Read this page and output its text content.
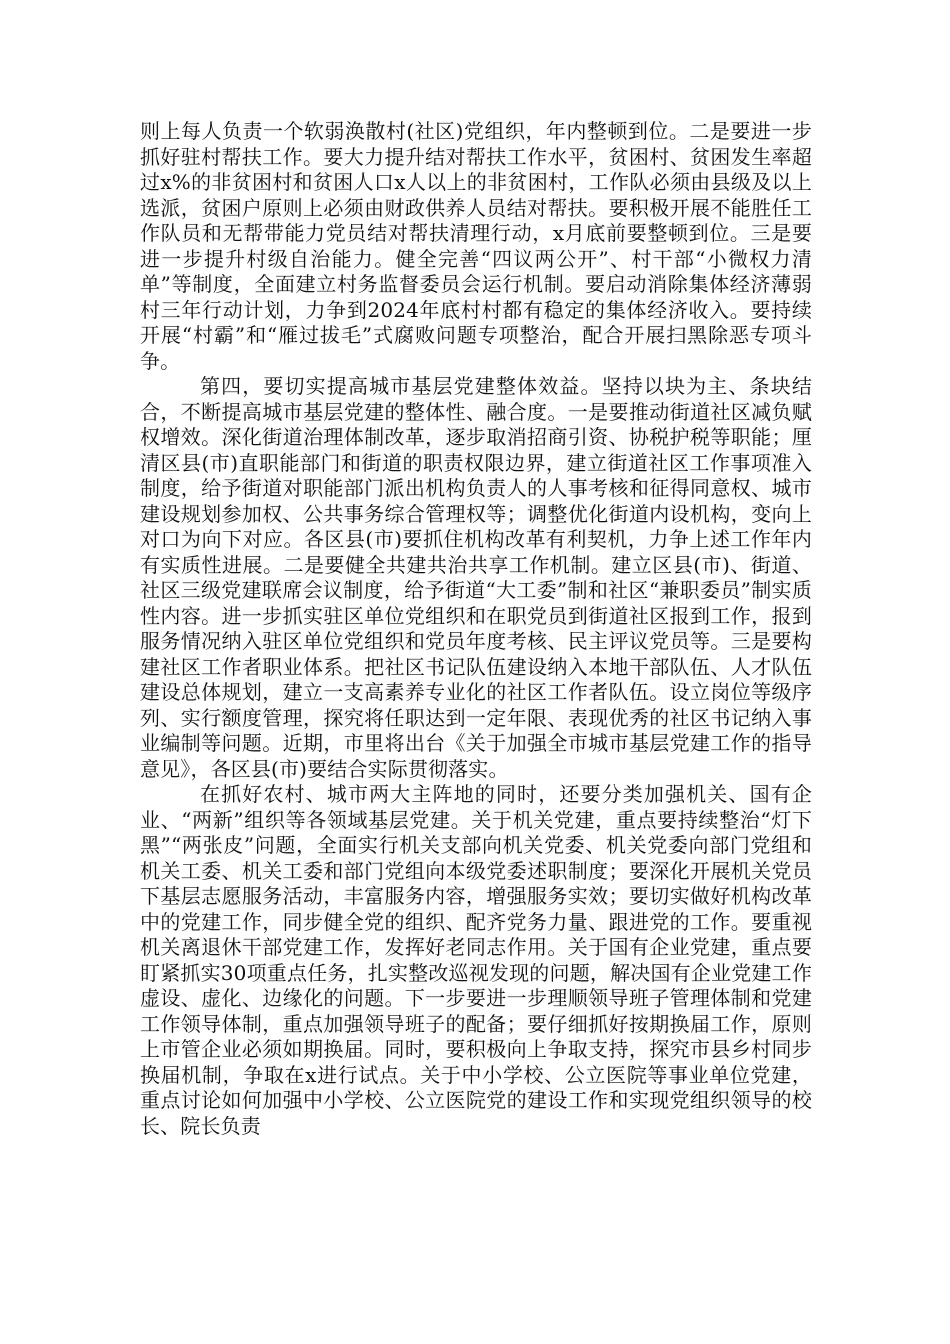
则上每人负责一个软弱涣散村(社区)党组织，年内整顿到位。二是要进一步抓好驻村帮扶工作。要大力提升结对帮扶工作水平，贫困村、贫困发生率超过x%的非贫困村和贫困人口x人以上的非贫困村，工作队必须由县级及以上选派，贫困户原则上必须由财政供养人员结对帮扶。要积极开展不能胜任工作队员和无帮带能力党员结对帮扶清理行动，x月底前要整顿到位。三是要进一步提升村级自治能力。健全完善“四议两公开”、村干部“小微权力清单”等制度，全面建立村务监督委员会运行机制。要启动消除集体经济薄弱村三年行动计划，力争到2024年底村村都有稳定的集体经济收入。要持续开展“村霸”和“雁过拔毛”式腐败问题专项整治，配合开展扫黑除恶专项斗争。

第四，要切实提高城市基层党建整体效益。坚持以块为主、条块结合，不断提高城市基层党建的整体性、融合度。一是要推动街道社区减负赋权增效。深化街道治理体制改革，逐步取消招商引资、协税护税等职能；厘清区县(市)直职能部门和街道的职责权限边界，建立街道社区工作事项准入制度，给予街道对职能部门派出机构负责人的人事考核和征得同意权、城市建设规划参加权、公共事务综合管理权等；调整优化街道内设机构，变向上对口为向下对应。各区县(市)要抓住机构改革有利契机，力争上述工作年内有实质性进展。二是要健全共建共治共享工作机制。建立区县(市)、街道、社区三级党建联席会议制度，给予街道“大工委”制和社区“兼职委员”制实质性内容。进一步抓实驻区单位党组织和在职党员到街道社区报到工作，报到服务情况纳入驻区单位党组织和党员年度考核、民主评议党员等。三是要构建社区工作者职业体系。把社区书记队伍建设纳入本地干部队伍、人才队伍建设总体规划，建立一支高素养专业化的社区工作者队伍。设立岗位等级序列、实行额度管理，探究将任职达到一定年限、表现优秀的社区书记纳入事业编制等问题。近期，市里将出台《关于加强全市城市基层党建工作的指导意见》，各区县(市)要结合实际贯彻落实。

在抓好农村、城市两大主阵地的同时，还要分类加强机关、国有企业、“两新”组织等各领域基层党建。关于机关党建，重点要持续整治“灯下黑”“两张皮”问题，全面实行机关支部向机关党委、机关党委向部门党组和机关工委、机关工委和部门党组向本级党委述职制度；要深化开展机关党员下基层志愿服务活动，丰富服务内容，增强服务实效；要切实做好机构改革中的党建工作，同步健全党的组织、配齐党务力量、跟进党的工作。要重视机关离退休干部党建工作，发挥好老同志作用。关于国有企业党建，重点要盯紧抓实30项重点任务，扎实整改巡视发现的问题，解决国有企业党建工作虚设、虚化、边缘化的问题。下一步要进一步理顺领导班子管理体制和党建工作领导体制，重点加强领导班子的配备；要仔细抓好按期换届工作，原则上市管企业必须如期换届。同时，要积极向上争取支持，探究市县乡村同步换届机制，争取在x进行试点。关于中小学校、公立医院等事业单位党建，重点讨论如何加强中小学校、公立医院党的建设工作和实现党组织领导的校长、院长负责
